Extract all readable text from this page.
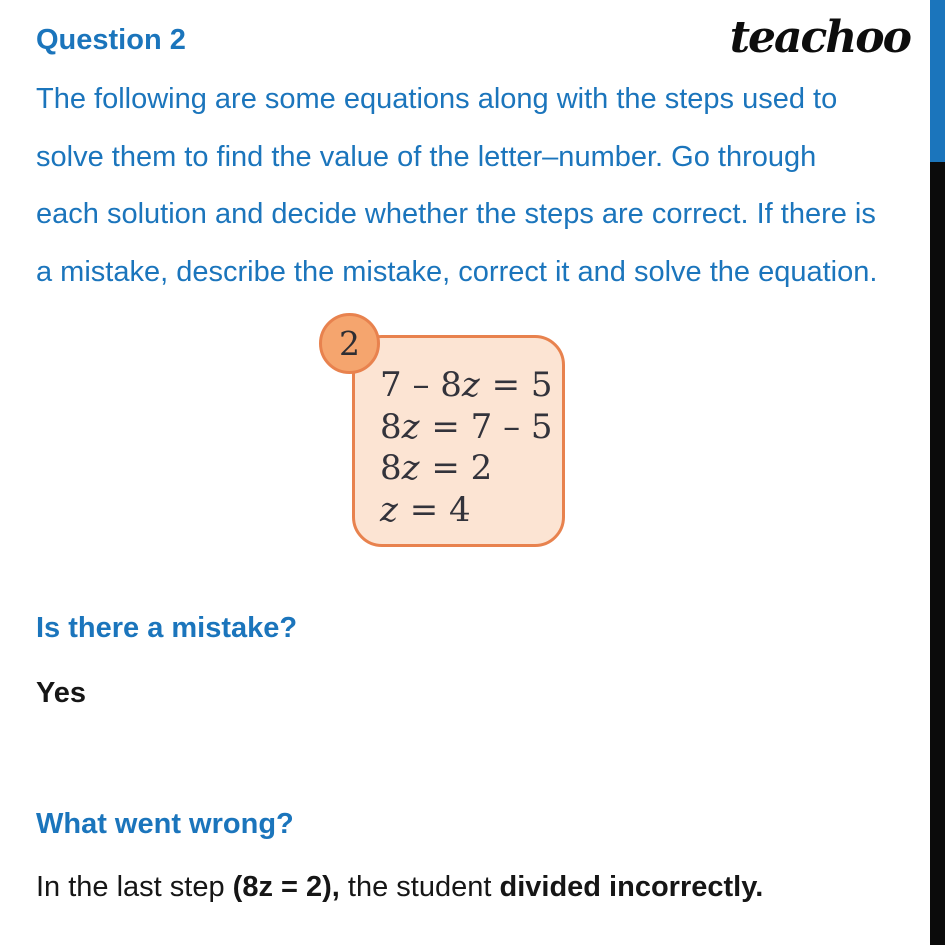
Question 2	teachoo
The following are some equations along with the steps used to
solve them to find the value of the letter–number. Go through
each solution and decide whether the steps are correct. If there is
a mistake, describe the mistake, correct it and solve the equation.
2
7 – 8z = 5
8z = 7 – 5
8z = 2
z = 4
Is there a mistake?
Yes
What went wrong?
In the last step (8z = 2), the student divided incorrectly.
